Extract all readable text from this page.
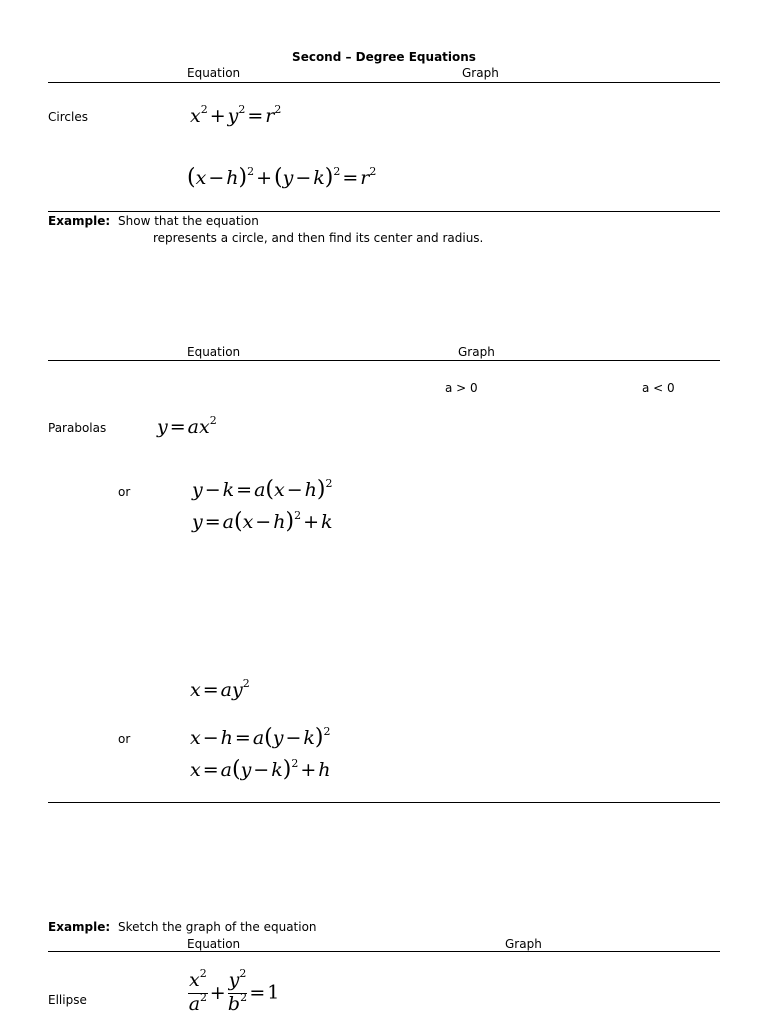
Second – Degree Equations
Equation	Graph
Circles	$x^2 + y^2 = r^2$
$(x - h)^2 +(y - k)^2 = r^2$
Example: Show that the equation
represents a circle, and then find its center and radius.
Equation	Graph
a > 0	a < 0
Parabolas	$y = ax^2$
or	$y - k = a(x - h)^2$
$y = a(x - h)^2 + k$
$x = ay^2$
or	$x - h = a(y - k)^2$
$x = a(y - k)^2 + h$
Example: Sketch the graph of the equation
Equation	Graph
Ellipse	$\frac{x^2}{a^2} + \frac{y^2}{b^2} = 1$
